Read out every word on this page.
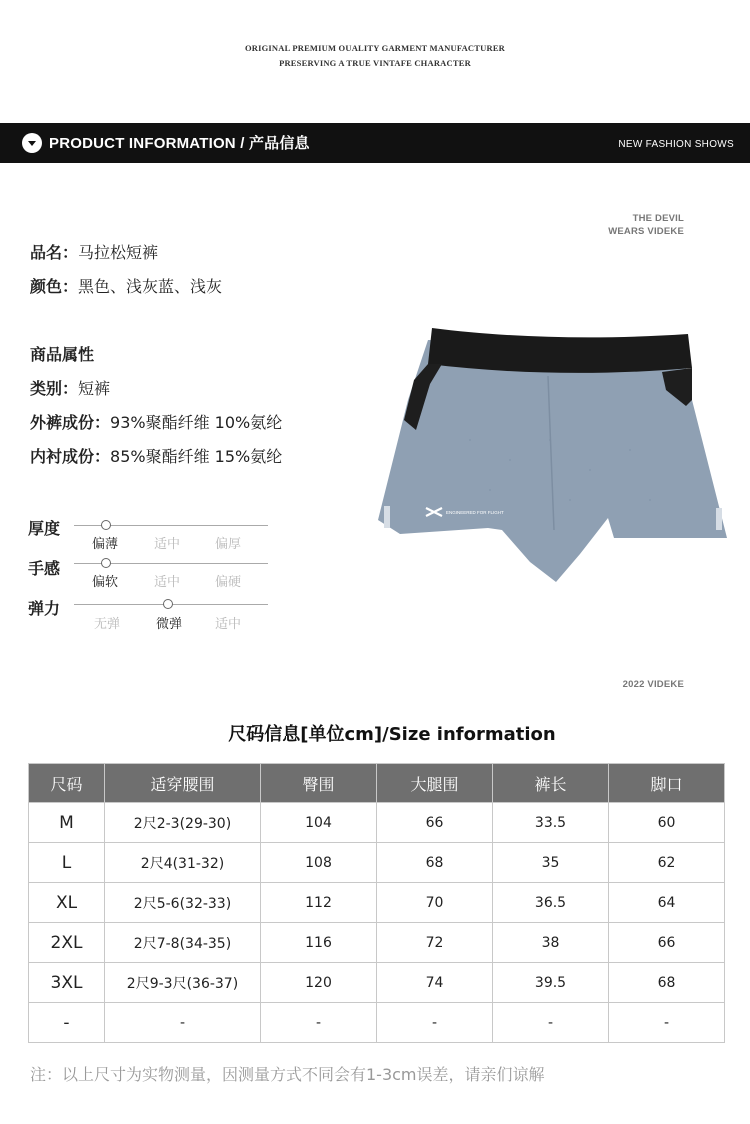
ORIGINAL PREMIUM OUALITY GARMENT MANUFACTURER
PRESERVING A TRUE VINTAFE CHARACTER
PRODUCT INFORMATION / 产品信息	NEW FASHION SHOWS
THE DEVIL
WEARS VIDEKE
品名：马拉松短裤
颜色：黑色、浅灰蓝、浅灰
商品属性
类别：短裤
外裤成份：93%聚酯纤维 10%氨纶
内衬成份：85%聚酯纤维 15%氨纶
厚度
偏薄	适中	偏厚
手感
偏软	适中	偏硬
弹力
无弹	微弹	适中
ENGINEERED FOR FLIGHT
2022 VIDEKE
尺码信息[单位cm]/Size information
尺码	适穿腰围	臀围	大腿围	裤长	脚口
M	2尺2-3(29-30)	104	66	33.5	60
L	2尺4(31-32)	108	68	35	62
XL	2尺5-6(32-33)	112	70	36.5	64
2XL	2尺7-8(34-35)	116	72	38	66
3XL	2尺9-3尺(36-37)	120	74	39.5	68
-	-	-	-	-	-
注：以上尺寸为实物测量，因测量方式不同会有1-3cm误差，请亲们谅解
